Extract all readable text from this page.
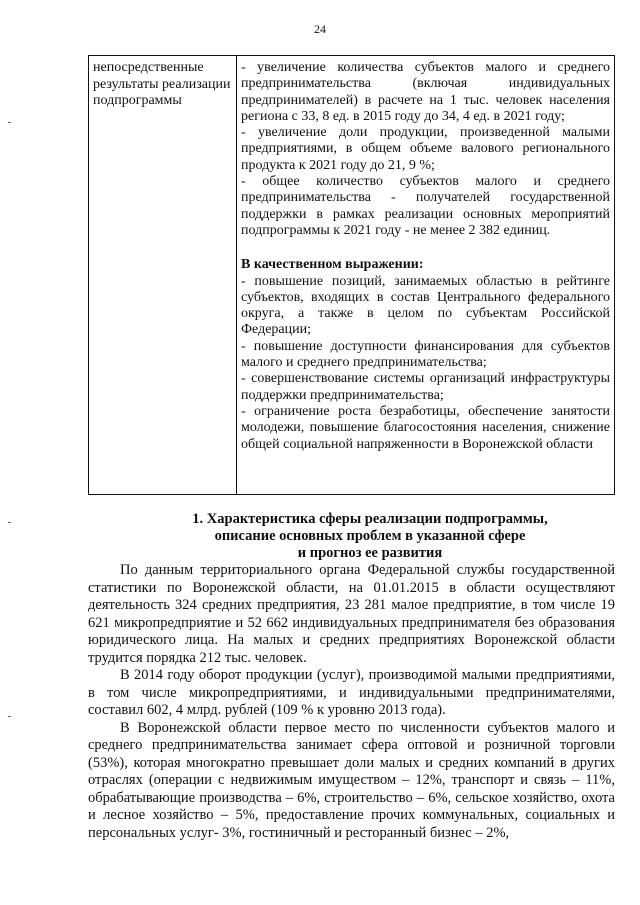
24
непосредственные результаты реализации подпрограммы

- увеличение количества субъектов малого и среднего предпринимательства (включая индивидуальных предпринимателей) в расчете на 1 тыс. человек населения региона с 33, 8 ед. в 2015 году до 34, 4 ед. в 2021 году;

- увеличение доли продукции, произведенной малыми предприятиями, в общем объеме валового регионального продукта к 2021 году до 21, 9 %;

- общее количество субъектов малого и среднего предпринимательства - получателей государственной поддержки в рамках реализации основных мероприятий подпрограммы к 2021 году - не менее 2 382 единиц.

В качественном выражении:

- повышение позиций, занимаемых областью в рейтинге субъектов, входящих в состав Центрального федерального округа, а также в целом по субъектам Российской Федерации;

- повышение доступности финансирования для субъектов малого и среднего предпринимательства;

- совершенствование системы организаций инфраструктуры поддержки предпринимательства;

- ограничение роста безработицы, обеспечение занятости молодежи, повышение благосостояния населения, снижение общей социальной напряженности в Воронежской области

1. Характеристика сферы реализации подпрограммы,
описание основных проблем в указанной сфере
и прогноз ее развития

По данным территориального органа Федеральной службы государственной статистики по Воронежской области, на 01.01.2015 в области осуществляют деятельность 324 средних предприятия, 23 281 малое предприятие, в том числе 19 621 микропредприятие и 52 662 индивидуальных предпринимателя без образования юридического лица. На малых и средних предприятиях Воронежской области трудится порядка 212 тыс. человек.

В 2014 году оборот продукции (услуг), производимой малыми предприятиями, в том числе микропредприятиями, и индивидуальными предпринимателями, составил 602, 4 млрд. рублей (109 % к уровню 2013 года).

В Воронежской области первое место по численности субъектов малого и среднего предпринимательства занимает сфера оптовой и розничной торговли (53%), которая многократно превышает доли малых и средних компаний в других отраслях (операции с недвижимым имуществом – 12%, транспорт и связь – 11%, обрабатывающие производства – 6%, строительство – 6%, сельское хозяйство, охота и лесное хозяйство – 5%, предоставление прочих коммунальных, социальных и персональных услуг- 3%, гостиничный и ресторанный бизнес – 2%,
